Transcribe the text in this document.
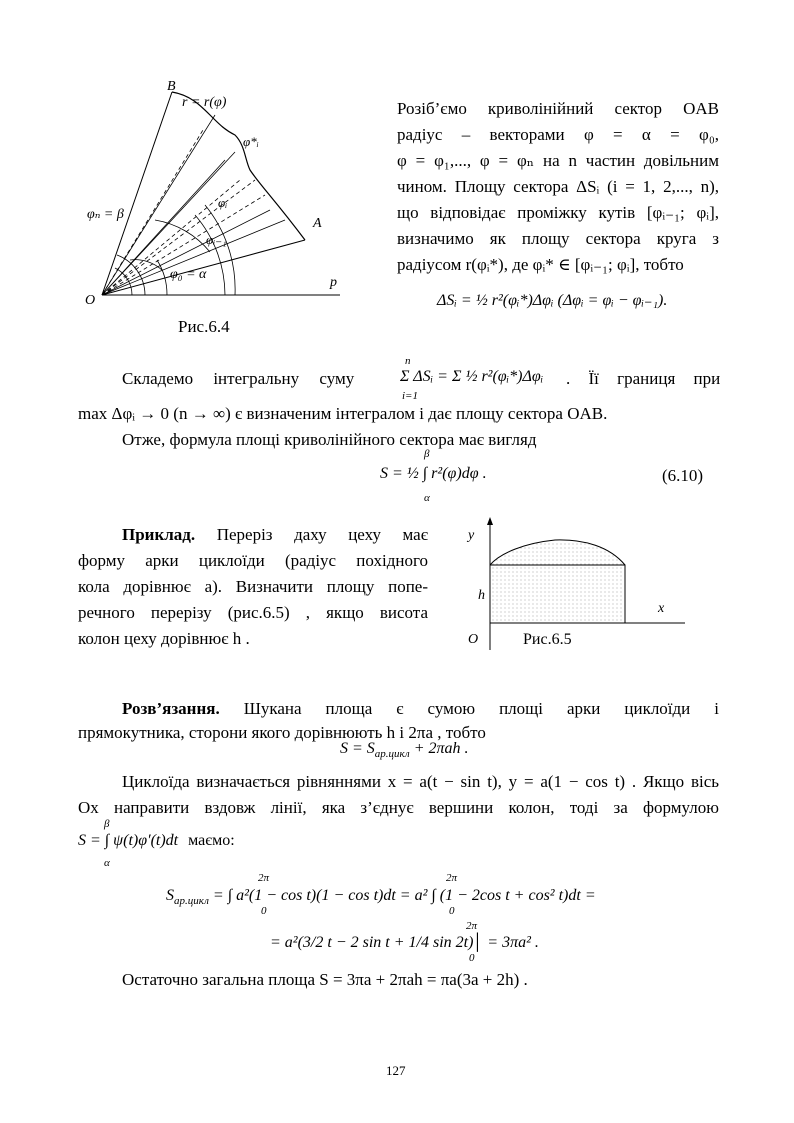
B
r = r(φ)
φ*ᵢ
φₙ = β
φᵢ
A
φᵢ₋₁
φ₀ = α
p
O
Рис.6.4
Розіб’ємо криволінійний сектор OAB
радіус – векторами φ = α = φ₀,
φ = φ₁,..., φ = φₙ на n частин довільним
чином. Площу сектора ΔSᵢ (i = 1, 2,..., n),
що відповідає проміжку кутів [φᵢ₋₁; φᵢ],
визначимо як площу сектора круга з
радіусом r(φᵢ*), де φᵢ* ∈ [φᵢ₋₁; φᵢ], тобто
ΔSᵢ = ½ r²(φᵢ*)Δφᵢ (Δφᵢ = φᵢ − φᵢ₋₁).
Складемо інтегральну суму
n
Σ ΔSᵢ = Σ ½ r²(φᵢ*)Δφᵢ
i=1
. Її границя при
max Δφᵢ → 0 (n → ∞) є визначеним інтегралом і дає площу сектора OAB.
Отже, формула площі криволінійного сектора має вигляд
β
S = ½ ∫ r²(φ)dφ .
α
(6.10)
Приклад. Переріз даху цеху має
форму арки циклоїди (радіус похідного
кола дорівнює a). Визначити площу попе-
речного перерізу (рис.6.5) , якщо висота
колон цеху дорівнює h .
y
h
x
O	Рис.6.5
Розв’язання. Шукана площа є сумою площі арки циклоїди і
прямокутника, сторони якого дорівнюють h і 2πa , тобто
$S = S_{ар.цикл} + 2\pi ah$ .
Циклоїда визначається рівняннями x = a(t − sin t), y = a(1 − cos t) . Якщо вісь
Ox направити вздовж лінії, яка з’єднує вершини колон, тоді за формулою
β
S = ∫ ψ(t)φ′(t)dt маємо:
α
2π	2π
$S_{ар.цикл}$ = ∫ a²(1 − cos t)(1 − cos t)dt = a² ∫ (1 − 2cos t + cos² t)dt =
0	0
2π
= a²(3/2 t − 2 sin t + 1/4 sin 2t)│ = 3πa² .
0
Остаточно загальна площа S = 3πa + 2πah = πa(3a + 2h) .
127
